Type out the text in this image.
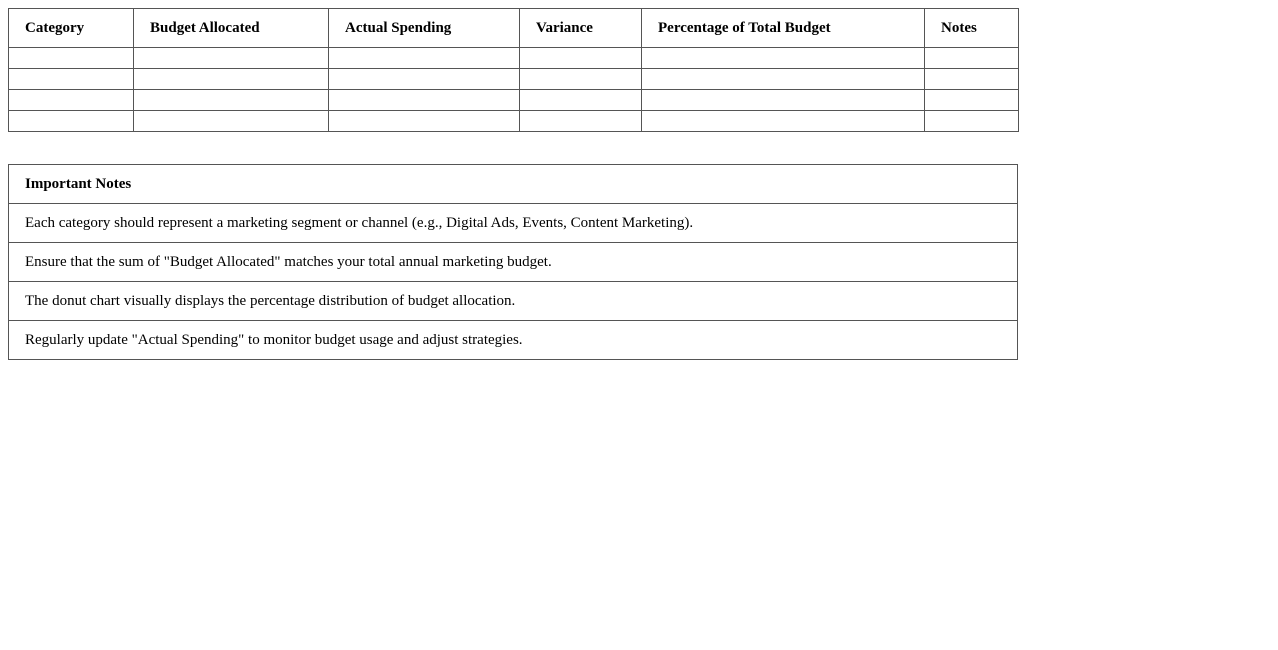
Category	Budget Allocated	Actual Spending	Variance	Percentage of Total Budget	Notes

Important Notes
Each category should represent a marketing segment or channel (e.g., Digital Ads, Events, Content Marketing).
Ensure that the sum of "Budget Allocated" matches your total annual marketing budget.
The donut chart visually displays the percentage distribution of budget allocation.
Regularly update "Actual Spending" to monitor budget usage and adjust strategies.
